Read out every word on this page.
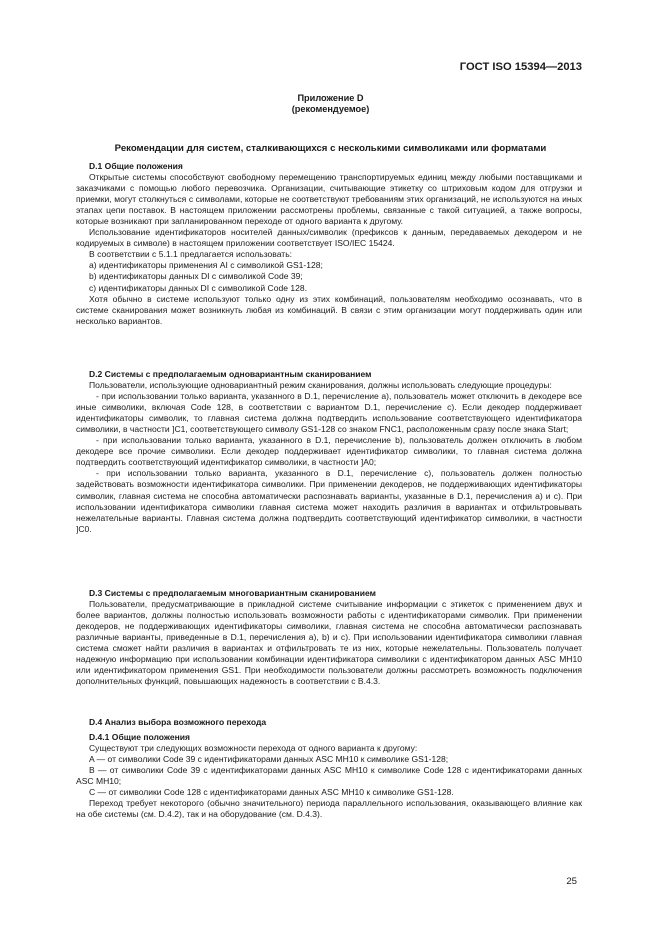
ГОСТ ISO 15394—2013
Приложение D
(рекомендуемое)
Рекомендации для систем, сталкивающихся с несколькими символиками или форматами

D.1 Общие положения

Открытые системы способствуют свободному перемещению транспортируемых единиц между любыми поставщиками и заказчиками с помощью любого перевозчика. Организации, считывающие этикетку со штриховым кодом для отгрузки и приемки, могут столкнуться с символами, которые не соответствуют требованиям этих организаций, не используются на иных этапах цепи поставок. В настоящем приложении рассмотрены проблемы, связанные с такой ситуацией, а также вопросы, которые возникают при запланированном переходе от одного варианта к другому.

Использование идентификаторов носителей данных/символик (префиксов к данным, передаваемых декодером и не кодируемых в символе) в настоящем приложении соответствует ISO/IEC 15424.

В соответствии с 5.1.1 предлагается использовать:

a) идентификаторы применения AI с символикой GS1-128;

b) идентификаторы данных DI с символикой Code 39;

c) идентификаторы данных DI с символикой Code 128.

Хотя обычно в системе используют только одну из этих комбинаций, пользователям необходимо осознавать, что в системе сканирования может возникнуть любая из комбинаций. В связи с этим организации могут поддерживать один или несколько вариантов.

D.2 Системы с предполагаемым одновариантным сканированием

Пользователи, использующие одновариантный режим сканирования, должны использовать следующие процедуры:

- при использовании только варианта, указанного в D.1, перечисление а), пользователь может отключить в декодере все иные символики, включая Code 128, в соответствии с вариантом D.1, перечисление с). Если декодер поддерживает идентификаторы символик, то главная система должна подтвердить использование соответствующего идентификатора символики, в частности ]C1, соответствующего символу GS1-128 со знаком FNC1, расположенным сразу после знака Start;

- при использовании только варианта, указанного в D.1, перечисление b), пользователь должен отключить в любом декодере все прочие символики. Если декодер поддерживает идентификатор символики, то главная система должна подтвердить соответствующий идентификатор символики, в частности ]A0;

- при использовании только варианта, указанного в D.1, перечисление с), пользователь должен полностью задействовать возможности идентификатора символики. При применении декодеров, не поддерживающих идентификаторы символик, главная система не способна автоматически распознавать варианты, указанные в D.1, перечисления а) и с). При использовании идентификатора символики главная система может находить различия в вариантах и отфильтровывать нежелательные варианты. Главная система должна подтвердить соответствующий идентификатор символики, в частности ]C0.

D.3 Системы с предполагаемым многовариантным сканированием

Пользователи, предусматривающие в прикладной системе считывание информации с этикеток с применением двух и более вариантов, должны полностью использовать возможности работы с идентификаторами символик. При применении декодеров, не поддерживающих идентификаторы символики, главная система не способна автоматически распознавать различные варианты, приведенные в D.1, перечисления а), b) и с). При использовании идентификатора символики главная система сможет найти различия в вариантах и отфильтровать те из них, которые нежелательны. Пользователь получает надежную информацию при использовании комбинации идентификатора символики с идентификатором данных ASC MH10 или идентификатором применения GS1. При необходимости пользователи должны рассмотреть возможность подключения дополнительных функций, повышающих надежность в соответствии с B.4.3.

D.4 Анализ выбора возможного перехода

D.4.1 Общие положения

Существуют три следующих возможности перехода от одного варианта к другому:

A — от символики Code 39 с идентификаторами данных ASC MH10 к символике GS1-128;

B — от символики Code 39 с идентификаторами данных ASC MH10 к символике Code 128 с идентификаторами данных ASC MH10;

C — от символики Code 128 с идентификаторами данных ASC MH10 к символике GS1-128.

Переход требует некоторого (обычно значительного) периода параллельного использования, оказывающего влияние как на обе системы (см. D.4.2), так и на оборудование (см. D.4.3).

25
